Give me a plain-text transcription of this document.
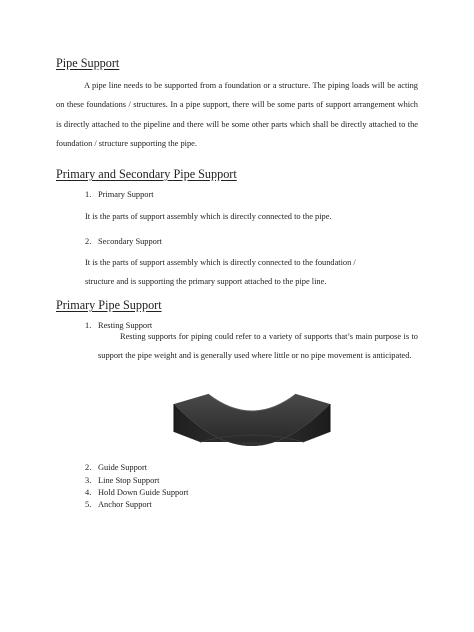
Pipe Support
A pipe line needs to be supported from a foundation or a structure. The piping loads will be acting on these foundations / structures. In a pipe support, there will be some parts of support arrangement which is directly attached to the pipeline and there will be some other parts which shall be directly attached to the foundation / structure supporting the pipe.
Primary and Secondary Pipe Support
1. Primary Support
It is the parts of support assembly which is directly connected to the pipe.
2. Secondary Support
It is the parts of support assembly which is directly connected to the foundation /
structure and is supporting the primary support attached to the pipe line.
Primary Pipe Support
1. Resting Support
Resting supports for piping could refer to a variety of supports that’s main purpose is to support the pipe weight and is generally used where little or no pipe movement is anticipated.
2. Guide Support
3. Line Stop Support
4. Hold Down Guide Support
5. Anchor Support
